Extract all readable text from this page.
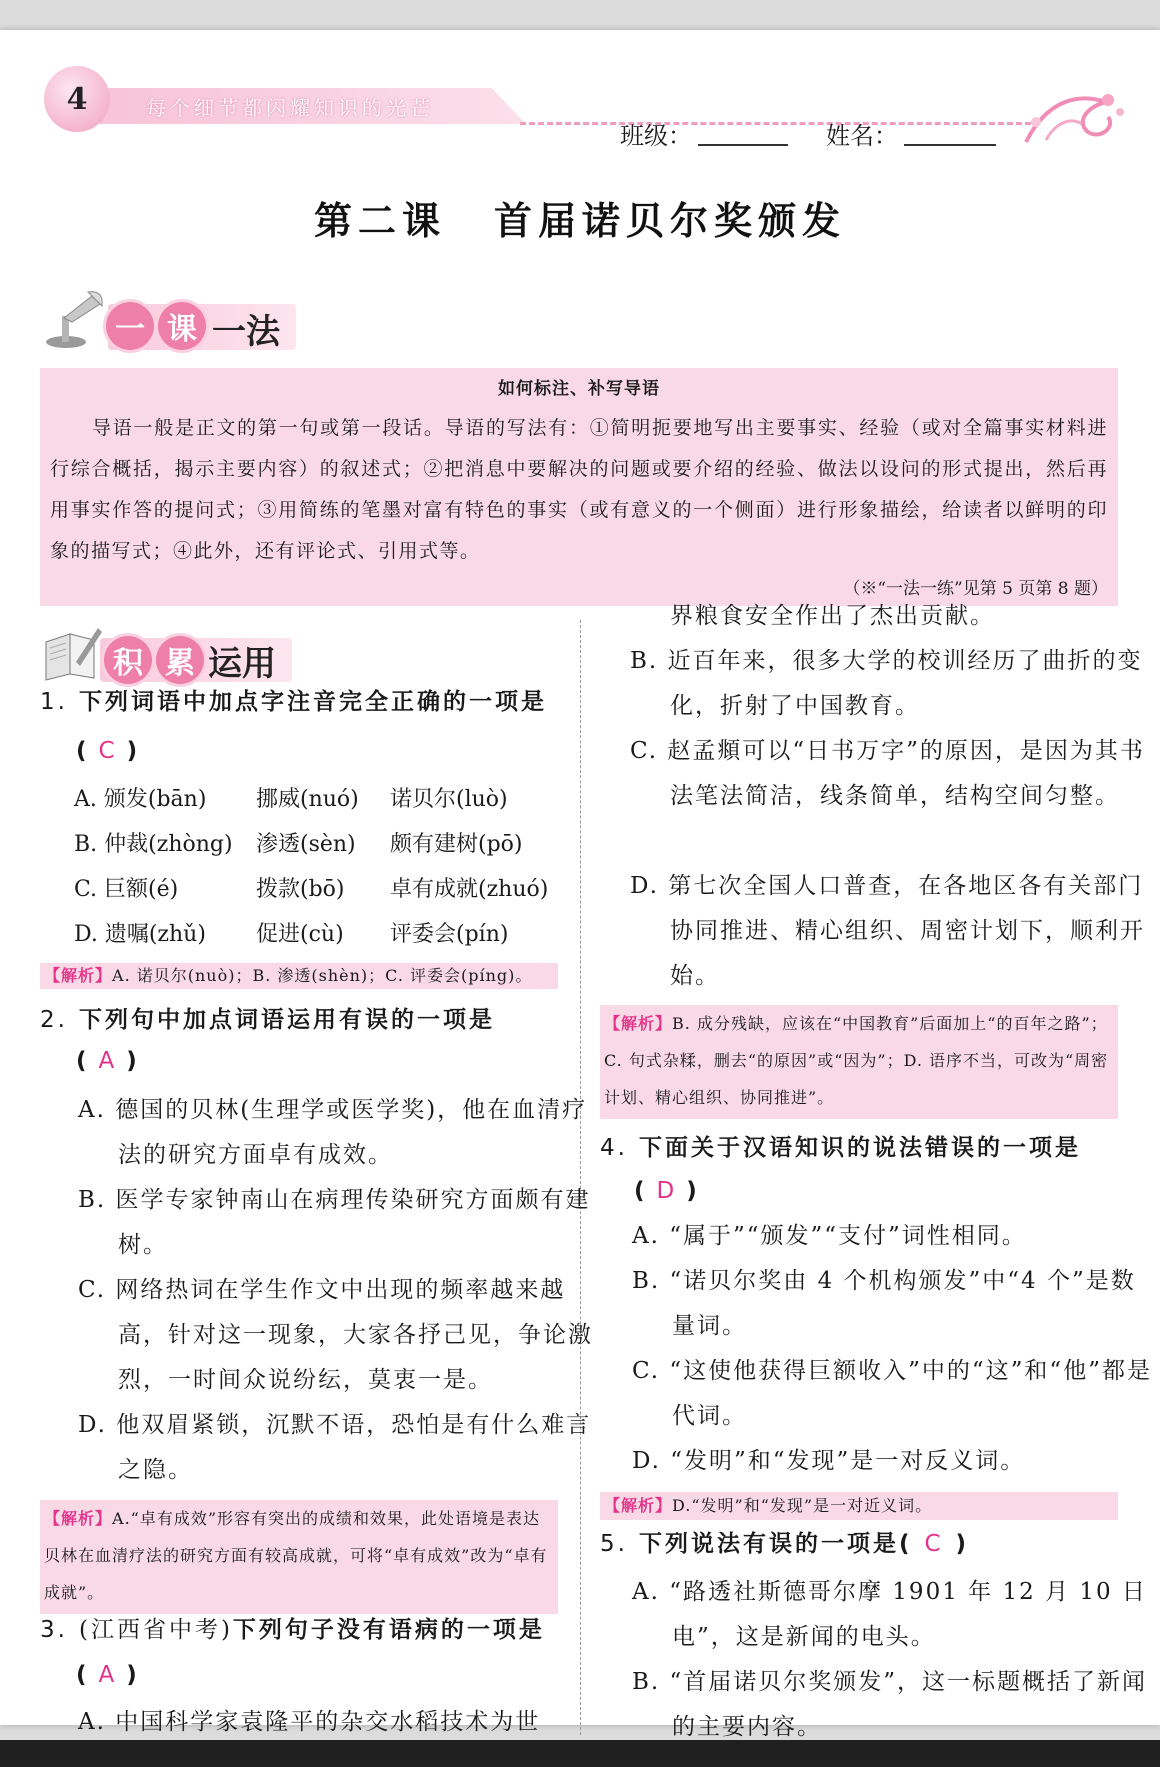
4	每个细节都闪耀知识的光芒
班级：	姓名：
第二课 首届诺贝尔奖颁发
一 课 一法
如何标注、补写导语
导语一般是正文的第一句或第一段话。导语的写法有：①简明扼要地写出主要事实、经验（或对全篇事实材料进行综合概括，揭示主要内容）的叙述式；②把消息中要解决的问题或要介绍的经验、做法以设问的形式提出，然后再用事实作答的提问式；③用简练的笔墨对富有特色的事实（或有意义的一个侧面）进行形象描绘，给读者以鲜明的印象的描写式；④此外，还有评论式、引用式等。
（※“一法一练”见第 5 页第 8 题）
积 累 运用
1. 下列词语中加点字注音完全正确的一项是
( C )
A. 颁发(bān) 挪威(nuó) 诺贝尔(luò)
B. 仲裁(zhòng) 渗透(sèn) 颇有建树(pō)
C. 巨额(é)	拨款(bō) 卓有成就(zhuó)
D. 遗嘱(zhǔ) 促进(cù) 评委会(pín)
【解析】A. 诺贝尔(nuò)；B. 渗透(shèn)；C. 评委会(píng)。
2. 下列句中加点词语运用有误的一项是
( A )
A. 德国的贝林(生理学或医学奖)，他在血清疗法的研究方面卓有成效。
B. 医学专家钟南山在病理传染研究方面颇有建树。
C. 网络热词在学生作文中出现的频率越来越高，针对这一现象，大家各抒己见，争论激烈，一时间众说纷纭，莫衷一是。
D. 他双眉紧锁，沉默不语，恐怕是有什么难言之隐。
【解析】A.“卓有成效”形容有突出的成绩和效果，此处语境是表达贝林在血清疗法的研究方面有较高成就，可将“卓有成效”改为“卓有成就”。
3. (江西省中考)下列句子没有语病的一项是
( A )
A. 中国科学家袁隆平的杂交水稻技术为世
界粮食安全作出了杰出贡献。
B. 近百年来，很多大学的校训经历了曲折的变化，折射了中国教育。
C. 赵孟頫可以“日书万字”的原因，是因为其书法笔法简洁，线条简单，结构空间匀整。
D. 第七次全国人口普查，在各地区各有关部门协同推进、精心组织、周密计划下，顺利开始。
【解析】B. 成分残缺，应该在“中国教育”后面加上“的百年之路”；C. 句式杂糅，删去“的原因”或“因为”；D. 语序不当，可改为“周密计划、精心组织、协同推进”。
4. 下面关于汉语知识的说法错误的一项是
( D )
A. “属于”“颁发”“支付”词性相同。
B. “诺贝尔奖由 4 个机构颁发”中“4 个”是数量词。
C. “这使他获得巨额收入”中的“这”和“他”都是代词。
D. “发明”和“发现”是一对反义词。
【解析】D.“发明”和“发现”是一对近义词。
5. 下列说法有误的一项是( C )
A. “路透社斯德哥尔摩 1901 年 12 月 10 日电”，这是新闻的电头。
B. “首届诺贝尔奖颁发”，这一标题概括了新闻的主要内容。
